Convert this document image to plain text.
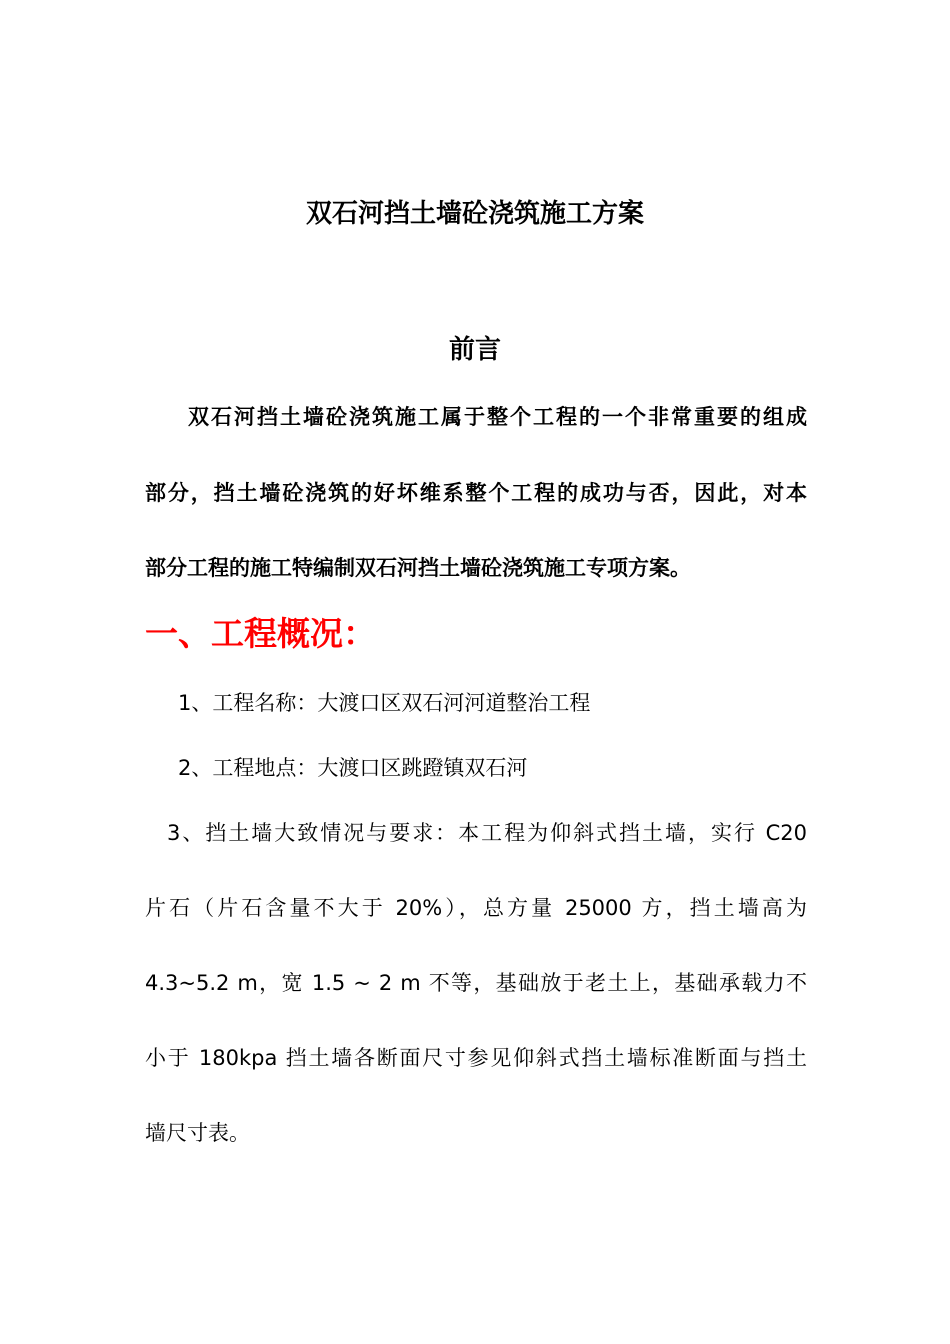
双石河挡土墙砼浇筑施工方案
前言
双石河挡土墙砼浇筑施工属于整个工程的一个非常重要的组成
部分，挡土墙砼浇筑的好坏维系整个工程的成功与否，因此，对本
部分工程的施工特编制双石河挡土墙砼浇筑施工专项方案。
一、工程概况：
1、工程名称：大渡口区双石河河道整治工程
2、工程地点：大渡口区跳蹬镇双石河
3、挡土墙大致情况与要求：本工程为仰斜式挡土墙，实行 C20
片石（片石含量不大于 20%），总方量 25000 方，挡土墙高为
4.3~5.2 m，宽 1.5 ~ 2 m 不等，基础放于老土上，基础承载力不
小于 180kpa 挡土墙各断面尺寸参见仰斜式挡土墙标准断面与挡土
墙尺寸表。
